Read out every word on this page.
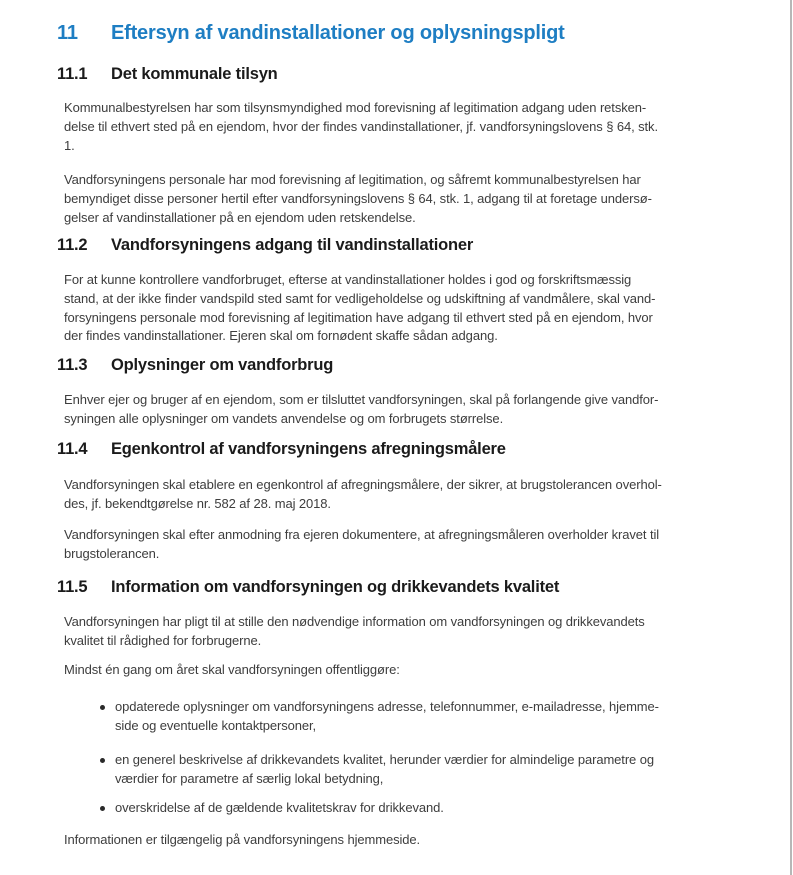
11 Eftersyn af vandinstallationer og oplysningspligt
11.1 Det kommunale tilsyn
Kommunalbestyrelsen har som tilsynsmyndighed mod forevisning af legitimation adgang uden retsken-
delse til ethvert sted på en ejendom, hvor der findes vandinstallationer, jf. vandforsyningslovens § 64, stk.
1.
Vandforsyningens personale har mod forevisning af legitimation, og såfremt kommunalbestyrelsen har
bemyndiget disse personer hertil efter vandforsyningslovens § 64, stk. 1, adgang til at foretage undersø-
gelser af vandinstallationer på en ejendom uden retskendelse.
11.2 Vandforsyningens adgang til vandinstallationer
For at kunne kontrollere vandforbruget, efterse at vandinstallationer holdes i god og forskriftsmæssig
stand, at der ikke finder vandspild sted samt for vedligeholdelse og udskiftning af vandmålere, skal vand-
forsyningens personale mod forevisning af legitimation have adgang til ethvert sted på en ejendom, hvor
der findes vandinstallationer. Ejeren skal om fornødent skaffe sådan adgang.
11.3 Oplysninger om vandforbrug
Enhver ejer og bruger af en ejendom, som er tilsluttet vandforsyningen, skal på forlangende give vandfor-
syningen alle oplysninger om vandets anvendelse og om forbrugets størrelse.
11.4 Egenkontrol af vandforsyningens afregningsmålere
Vandforsyningen skal etablere en egenkontrol af afregningsmålere, der sikrer, at brugstolerancen overhol-
des, jf. bekendtgørelse nr. 582 af 28. maj 2018.
Vandforsyningen skal efter anmodning fra ejeren dokumentere, at afregningsmåleren overholder kravet til
brugstolerancen.
11.5 Information om vandforsyningen og drikkevandets kvalitet
Vandforsyningen har pligt til at stille den nødvendige information om vandforsyningen og drikkevandets
kvalitet til rådighed for forbrugerne.
Mindst én gang om året skal vandforsyningen offentliggøre:
opdaterede oplysninger om vandforsyningens adresse, telefonnummer, e-mailadresse, hjemme-
side og eventuelle kontaktpersoner,
en generel beskrivelse af drikkevandets kvalitet, herunder værdier for almindelige parametre og
værdier for parametre af særlig lokal betydning,
overskridelse af de gældende kvalitetskrav for drikkevand.
Informationen er tilgængelig på vandforsyningens hjemmeside.
